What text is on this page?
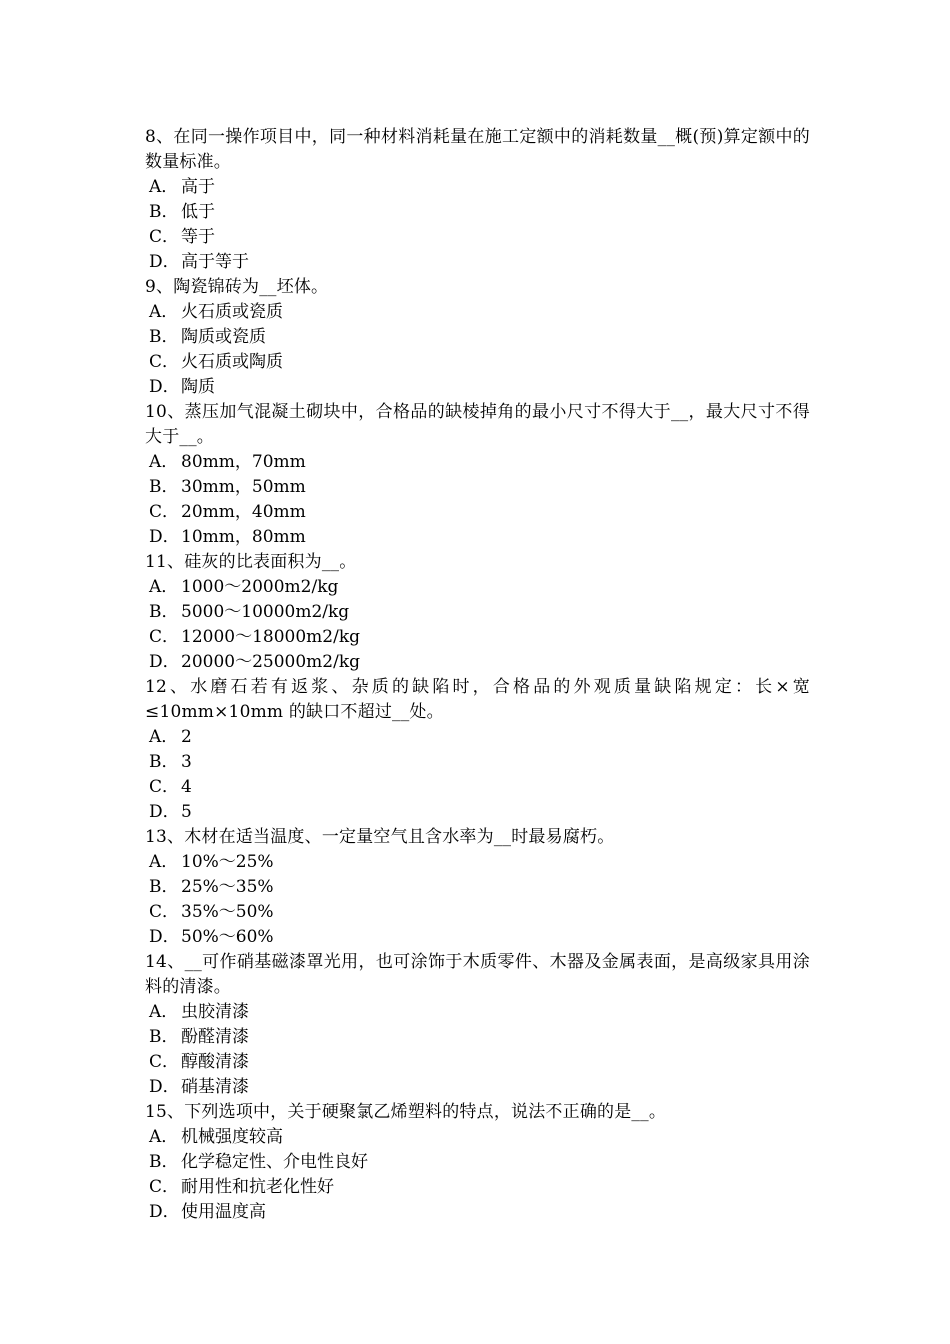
8、在同一操作项目中，同一种材料消耗量在施工定额中的消耗数量__概(预)算定额中的数量标准。

A． 高于

B． 低于

C． 等于

D．高于等于

9、陶瓷锦砖为__坯体。

A． 火石质或瓷质

B． 陶质或瓷质

C． 火石质或陶质

D．陶质

10、蒸压加气混凝土砌块中，合格品的缺棱掉角的最小尺寸不得大于__，最大尺寸不得大于__。

A． 80mm，70mm

B． 30mm，50mm

C． 20mm，40mm

D．10mm，80mm

11、硅灰的比表面积为__。

A． 1000～2000m2/kg

B． 5000～10000m2/kg

C． 12000～18000m2/kg

D．20000～25000m2/kg

12、水磨石若有返浆、杂质的缺陷时，合格品的外观质量缺陷规定：长×宽≤10mm×10mm 的缺口不超过__处。

A． 2

B． 3

C． 4

D．5

13、木材在适当温度、一定量空气且含水率为__时最易腐朽。

A． 10%～25%

B． 25%～35%

C． 35%～50%

D．50%～60%

14、__可作硝基磁漆罩光用，也可涂饰于木质零件、木器及金属表面，是高级家具用涂料的清漆。

A． 虫胶清漆

B． 酚醛清漆

C． 醇酸清漆

D．硝基清漆

15、下列选项中，关于硬聚氯乙烯塑料的特点，说法不正确的是__。

A． 机械强度较高

B． 化学稳定性、介电性良好

C． 耐用性和抗老化性好

D．使用温度高
